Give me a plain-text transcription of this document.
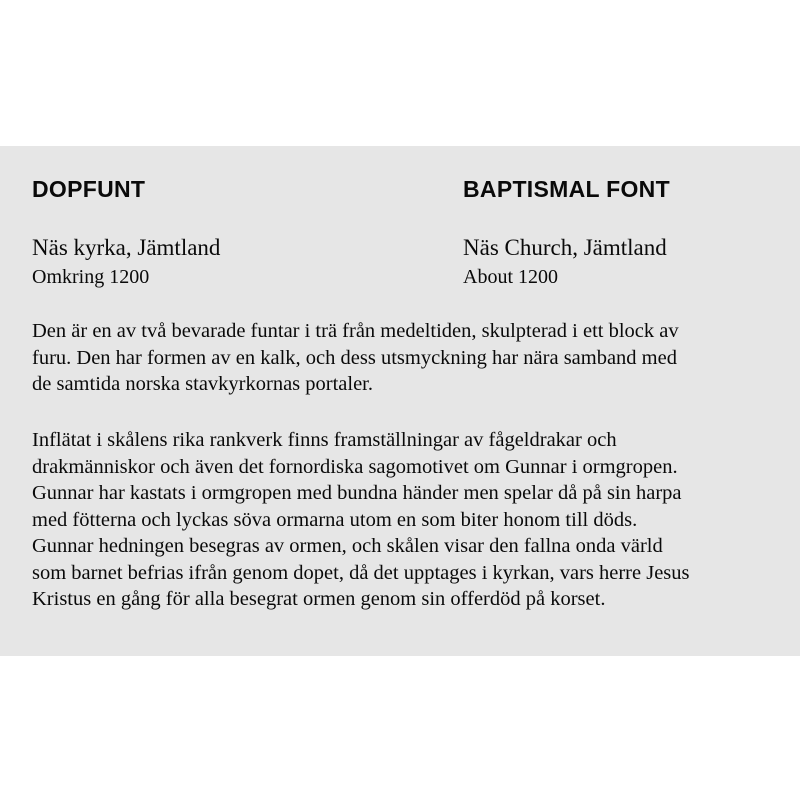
DOPFUNT	BAPTISMAL FONT
Näs kyrka, Jämtland	Näs Church, Jämtland
Omkring 1200	About 1200
Den är en av två bevarade funtar i trä från medeltiden, skulpterad i ett block av
furu. Den har formen av en kalk, och dess utsmyckning har nära samband med
de samtida norska stavkyrkornas portaler.
Inflätat i skålens rika rankverk finns framställningar av fågeldrakar och
drakmänniskor och även det fornordiska sagomotivet om Gunnar i ormgropen.
Gunnar har kastats i ormgropen med bundna händer men spelar då på sin harpa
med fötterna och lyckas söva ormarna utom en som biter honom till döds.
Gunnar hedningen besegras av ormen, och skålen visar den fallna onda värld
som barnet befrias ifrån genom dopet, då det upptages i kyrkan, vars herre Jesus
Kristus en gång för alla besegrat ormen genom sin offerdöd på korset.
